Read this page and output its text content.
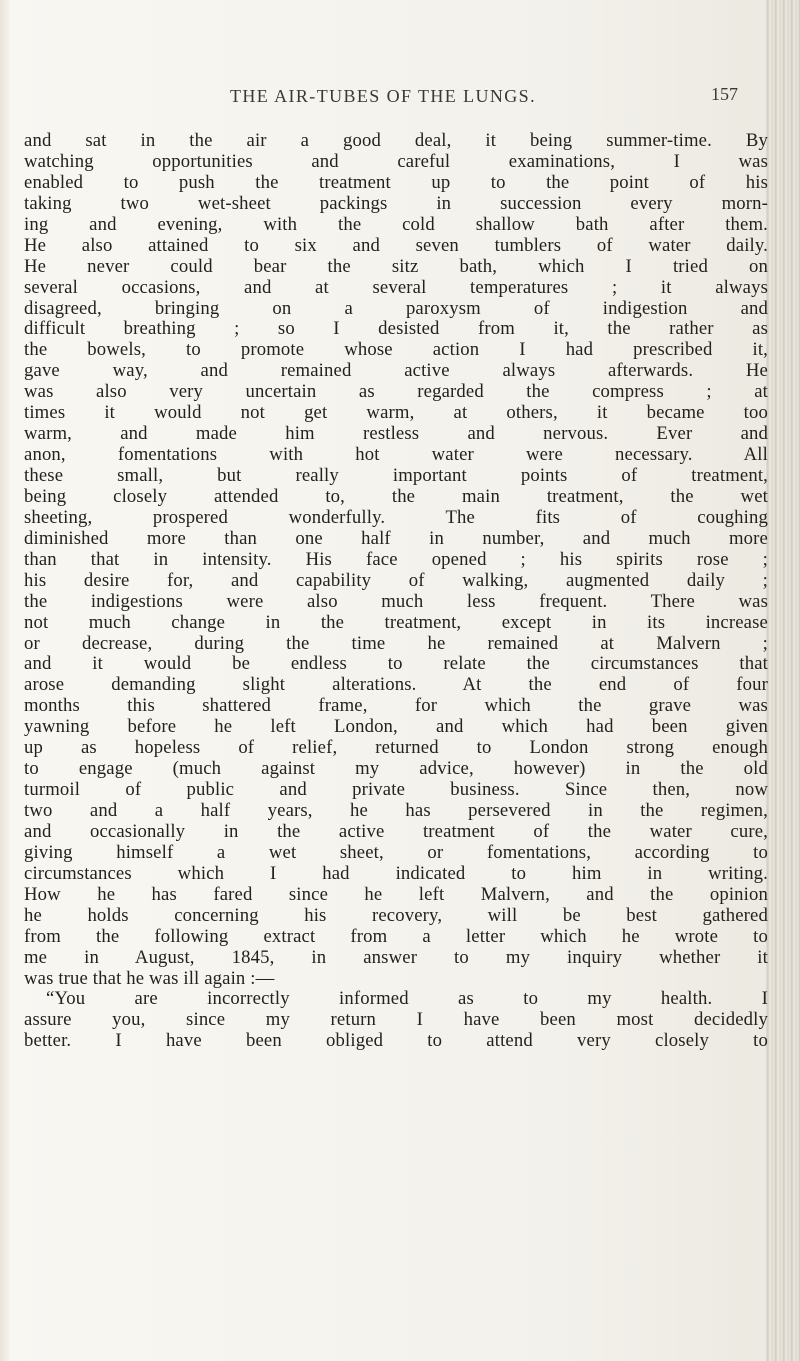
THE AIR-TUBES OF THE LUNGS.	157
and sat in the air a good deal, it being summer-time. By
watching opportunities and careful examinations, I was
enabled to push the treatment up to the point of his
taking two wet-sheet packings in succession every morn-
ing and evening, with the cold shallow bath after them.
He also attained to six and seven tumblers of water daily.
He never could bear the sitz bath, which I tried on
several occasions, and at several temperatures ; it always
disagreed, bringing on a paroxysm of indigestion and
difficult breathing ; so I desisted from it, the rather as
the bowels, to promote whose action I had prescribed it,
gave way, and remained active always afterwards. He
was also very uncertain as regarded the compress ; at
times it would not get warm, at others, it became too
warm, and made him restless and nervous. Ever and
anon, fomentations with hot water were necessary. All
these small, but really important points of treatment,
being closely attended to, the main treatment, the wet
sheeting, prospered wonderfully. The fits of coughing
diminished more than one half in number, and much more
than that in intensity. His face opened ; his spirits rose ;
his desire for, and capability of walking, augmented daily ;
the indigestions were also much less frequent. There was
not much change in the treatment, except in its increase
or decrease, during the time he remained at Malvern ;
and it would be endless to relate the circumstances that
arose demanding slight alterations. At the end of four
months this shattered frame, for which the grave was
yawning before he left London, and which had been given
up as hopeless of relief, returned to London strong enough
to engage (much against my advice, however) in the old
turmoil of public and private business. Since then, now
two and a half years, he has persevered in the regimen,
and occasionally in the active treatment of the water cure,
giving himself a wet sheet, or fomentations, according to
circumstances which I had indicated to him in writing.
How he has fared since he left Malvern, and the opinion
he holds concerning his recovery, will be best gathered
from the following extract from a letter which he wrote to
me in August, 1845, in answer to my inquiry whether it
was true that he was ill again :—
“You are incorrectly informed as to my health. I
assure you, since my return I have been most decidedly
better. I have been obliged to attend very closely to
